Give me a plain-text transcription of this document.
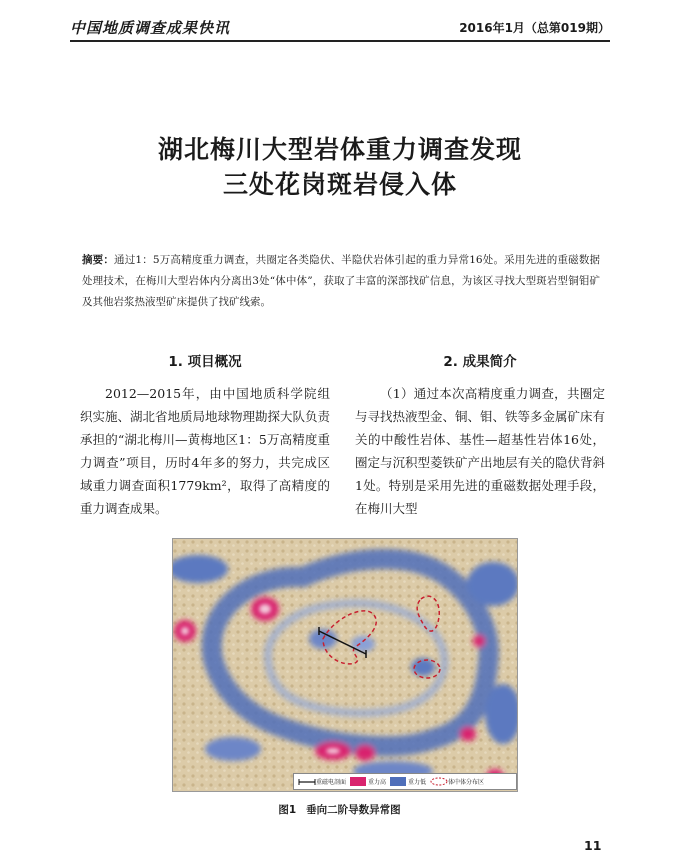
中国地质调查成果快讯	2016年1月（总第019期）
湖北梅川大型岩体重力调查发现
三处花岗斑岩侵入体
摘要：通过1：5万高精度重力调查，共圈定各类隐伏、半隐伏岩体引起的重力异常16处。采用先进的重磁数据处理技术，在梅川大型岩体内分离出3处“体中体”，获取了丰富的深部找矿信息，为该区寻找大型斑岩型铜钼矿及其他岩浆热液型矿床提供了找矿线索。
1. 项目概况
2012—2015年，由中国地质科学院组织实施、湖北省地质局地球物理勘探大队负责承担的“湖北梅川—黄梅地区1：5万高精度重力调查”项目，历时4年多的努力，共完成区域重力调查面积1779km²，取得了高精度的重力调查成果。
2. 成果简介
（1）通过本次高精度重力调查，共圈定与寻找热液型金、铜、钼、铁等多金属矿床有关的中酸性岩体、基性—超基性岩体16处，圈定与沉积型菱铁矿产出地层有关的隐伏背斜1处。特别是采用先进的重磁数据处理手段，在梅川大型
重磁电剖面	重力高	重力低	体中体分布区
图1 垂向二阶导数异常图
11
